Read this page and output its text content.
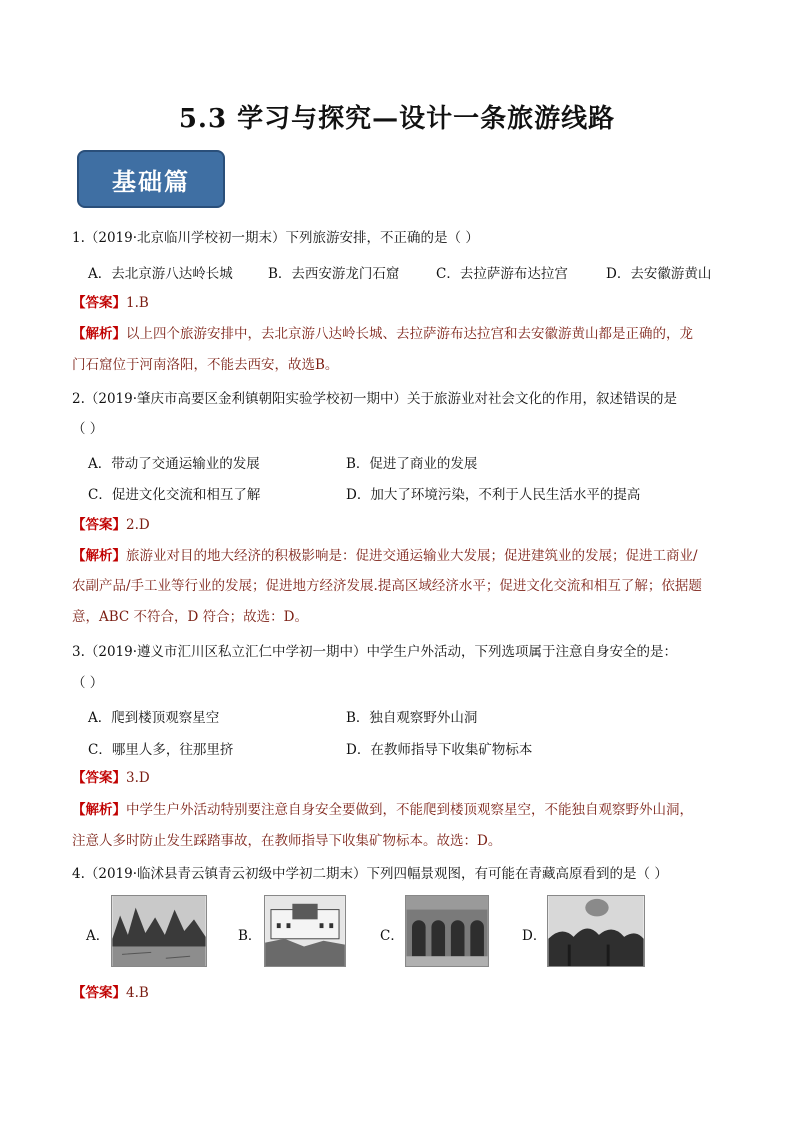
5.3 学习与探究—设计一条旅游线路
基础篇
1.（2019·北京临川学校初一期末）下列旅游安排，不正确的是（ ）
A．去北京游八达岭长城	B．去西安游龙门石窟	C．去拉萨游布达拉宫	D．去安徽游黄山
【答案】1.B
【解析】以上四个旅游安排中，去北京游八达岭长城、去拉萨游布达拉宫和去安徽游黄山都是正确的，龙
门石窟位于河南洛阳，不能去西安，故选B。
2.（2019·肇庆市高要区金利镇朝阳实验学校初一期中）关于旅游业对社会文化的作用，叙述错误的是
（ ）
A．带动了交通运输业的发展	B．促进了商业的发展
C．促进文化交流和相互了解	D．加大了环境污染，不利于人民生活水平的提高
【答案】2.D
【解析】旅游业对目的地大经济的积极影响是：促进交通运输业大发展；促进建筑业的发展；促进工商业/
农副产品/手工业等行业的发展；促进地方经济发展.提高区域经济水平；促进文化交流和相互了解；依据题
意，ABC 不符合，D 符合；故选：D。
3.（2019·遵义市汇川区私立汇仁中学初一期中）中学生户外活动，下列选项属于注意自身安全的是：
（ ）
A．爬到楼顶观察星空	B．独自观察野外山洞
C．哪里人多，往那里挤	D．在教师指导下收集矿物标本
【答案】3.D
【解析】中学生户外活动特别要注意自身安全要做到，不能爬到楼顶观察星空，不能独自观察野外山洞，
注意人多时防止发生踩踏事故，在教师指导下收集矿物标本。故选：D。
4.（2019·临沭县青云镇青云初级中学初二期末）下列四幅景观图，有可能在青藏高原看到的是（ ）
A．	B．	C．	D．
【答案】4.B
